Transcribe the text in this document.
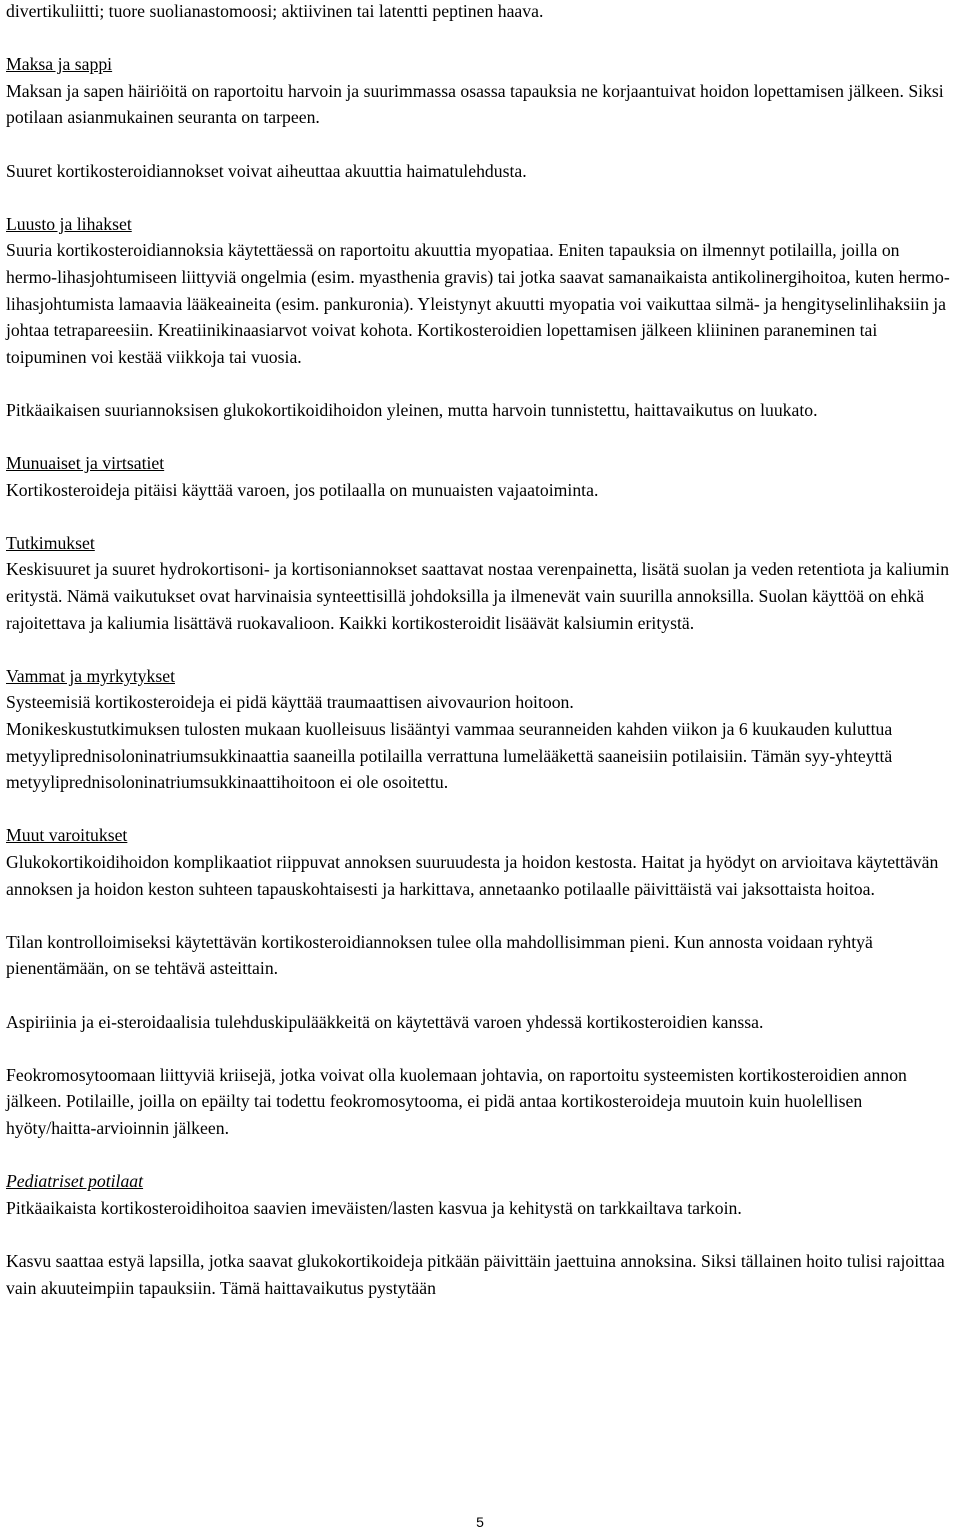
divertikuliitti; tuore suolianastomoosi; aktiivinen tai latentti peptinen haava.

Maksa ja sappi

Maksan ja sapen häiriöitä on raportoitu harvoin ja suurimmassa osassa tapauksia ne korjaantuivat hoidon lopettamisen jälkeen. Siksi potilaan asianmukainen seuranta on tarpeen.

Suuret kortikosteroidiannokset voivat aiheuttaa akuuttia haimatulehdusta.

Luusto ja lihakset

Suuria kortikosteroidiannoksia käytettäessä on raportoitu akuuttia myopatiaa. Eniten tapauksia on ilmennyt potilailla, joilla on hermo-lihasjohtumiseen liittyviä ongelmia (esim. myasthenia gravis) tai jotka saavat samanaikaista antikolinergihoitoa, kuten hermo-lihasjohtumista lamaavia lääkeaineita (esim. pankuronia). Yleistynyt akuutti myopatia voi vaikuttaa silmä- ja hengityselinlihaksiin ja johtaa tetrapareesiin. Kreatiinikinaasiarvot voivat kohota. Kortikosteroidien lopettamisen jälkeen kliininen paraneminen tai toipuminen voi kestää viikkoja tai vuosia.

Pitkäaikaisen suuriannoksisen glukokortikoidihoidon yleinen, mutta harvoin tunnistettu, haittavaikutus on luukato.

Munuaiset ja virtsatiet

Kortikosteroideja pitäisi käyttää varoen, jos potilaalla on munuaisten vajaatoiminta.

Tutkimukset

Keskisuuret ja suuret hydrokortisoni- ja kortisoniannokset saattavat nostaa verenpainetta, lisätä suolan ja veden retentiota ja kaliumin eritystä. Nämä vaikutukset ovat harvinaisia synteettisillä johdoksilla ja ilmenevät vain suurilla annoksilla. Suolan käyttöä on ehkä rajoitettava ja kaliumia lisättävä ruokavalioon. Kaikki kortikosteroidit lisäävät kalsiumin eritystä.

Vammat ja myrkytykset

Systeemisiä kortikosteroideja ei pidä käyttää traumaattisen aivovaurion hoitoon.

Monikeskustutkimuksen tulosten mukaan kuolleisuus lisääntyi vammaa seuranneiden kahden viikon ja 6 kuukauden kuluttua metyyliprednisoloninatriumsukkinaattia saaneilla potilailla verrattuna lumelääkettä saaneisiin potilaisiin. Tämän syy-yhteyttä metyyliprednisoloninatriumsukkinaattihoitoon ei ole osoitettu.

Muut varoitukset

Glukokortikoidihoidon komplikaatiot riippuvat annoksen suuruudesta ja hoidon kestosta. Haitat ja hyödyt on arvioitava käytettävän annoksen ja hoidon keston suhteen tapauskohtaisesti ja harkittava, annetaanko potilaalle päivittäistä vai jaksottaista hoitoa.

Tilan kontrolloimiseksi käytettävän kortikosteroidiannoksen tulee olla mahdollisimman pieni. Kun annosta voidaan ryhtyä pienentämään, on se tehtävä asteittain.

Aspiriinia ja ei-steroidaalisia tulehduskipulääkkeitä on käytettävä varoen yhdessä kortikosteroidien kanssa.

Feokromosytoomaan liittyviä kriisejä, jotka voivat olla kuolemaan johtavia, on raportoitu systeemisten kortikosteroidien annon jälkeen. Potilaille, joilla on epäilty tai todettu feokromosytooma, ei pidä antaa kortikosteroideja muutoin kuin huolellisen hyöty/haitta-arvioinnin jälkeen.

Pediatriset potilaat

Pitkäaikaista kortikosteroidihoitoa saavien imeväisten/lasten kasvua ja kehitystä on tarkkailtava tarkoin.

Kasvu saattaa estyä lapsilla, jotka saavat glukokortikoideja pitkään päivittäin jaettuina annoksina. Siksi tällainen hoito tulisi rajoittaa vain akuuteimpiin tapauksiin. Tämä haittavaikutus pystytään

5
